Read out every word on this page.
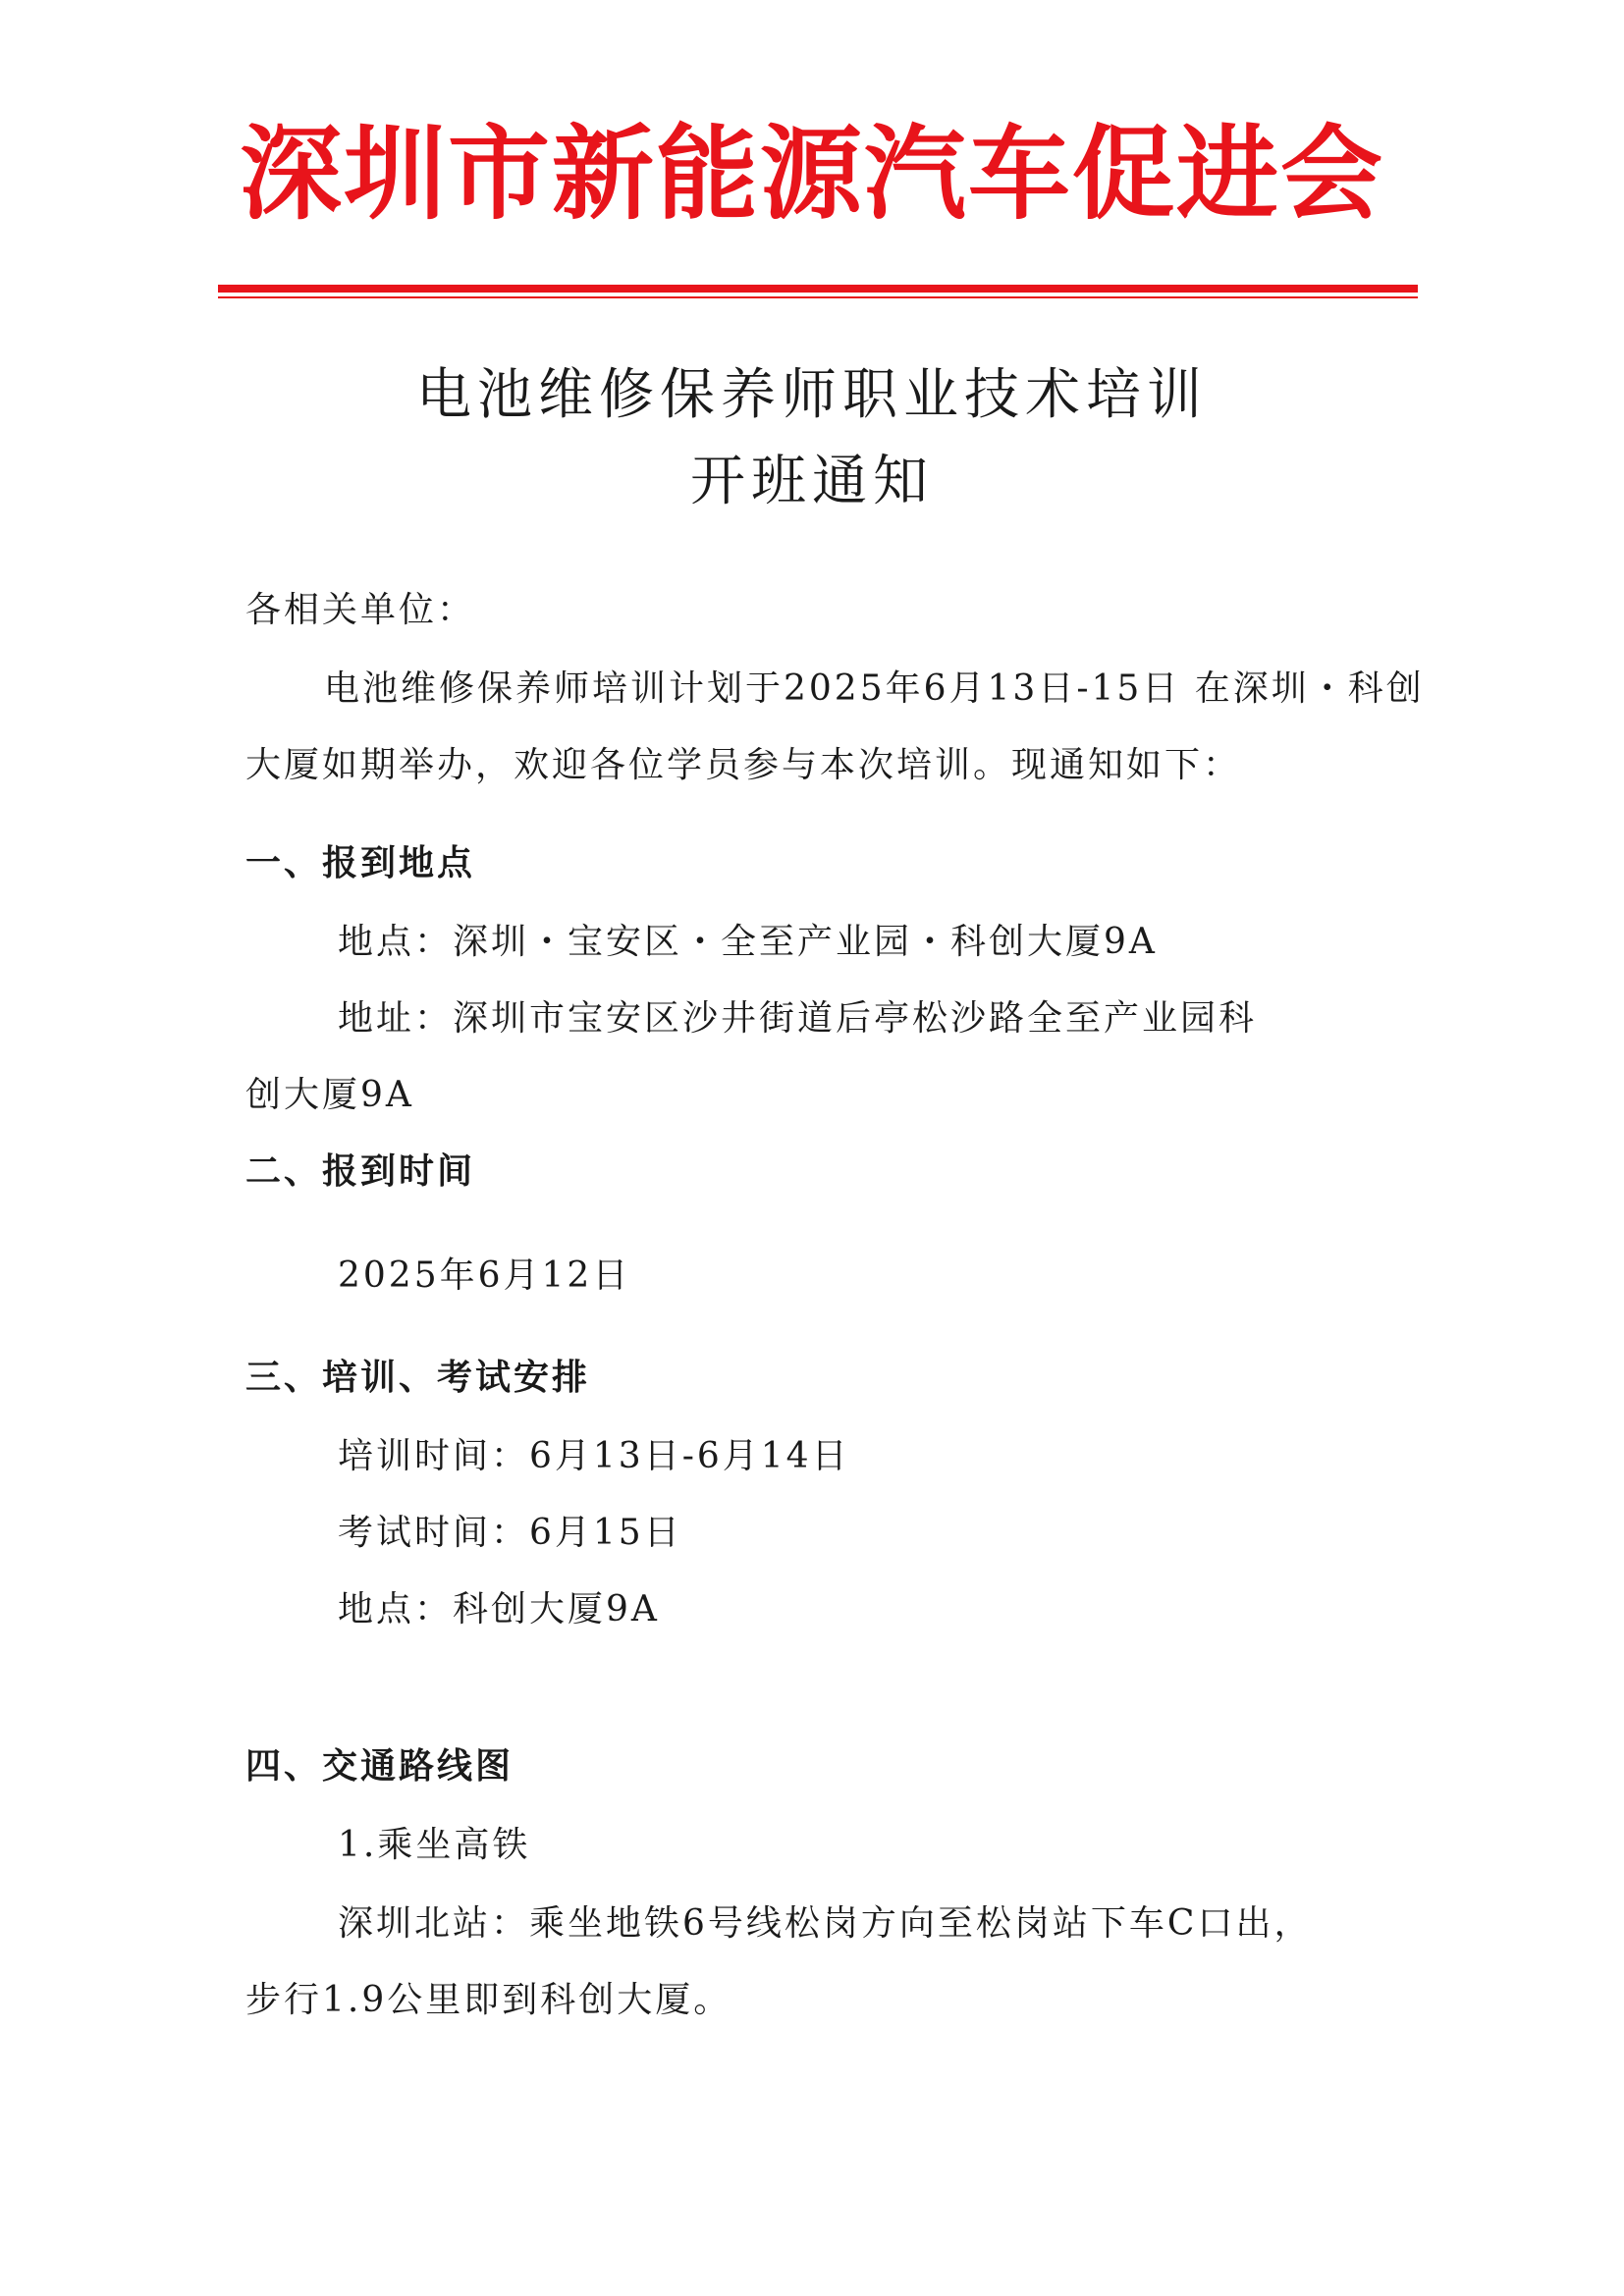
深圳市新能源汽车促进会
电池维修保养师职业技术培训
开班通知
各相关单位：
电池维修保养师培训计划于2025年6月13日-15日 在深圳・科创
大厦如期举办，欢迎各位学员参与本次培训。现通知如下：
一、报到地点
地点：深圳・宝安区・全至产业园・科创大厦9A
地址：深圳市宝安区沙井街道后亭松沙路全至产业园科
创大厦9A
二、报到时间
2025年6月12日
三、培训、考试安排
培训时间：6月13日-6月14日
考试时间：6月15日
地点：科创大厦9A
四、交通路线图
1.乘坐高铁
深圳北站：乘坐地铁6号线松岗方向至松岗站下车C口出，
步行1.9公里即到科创大厦。
